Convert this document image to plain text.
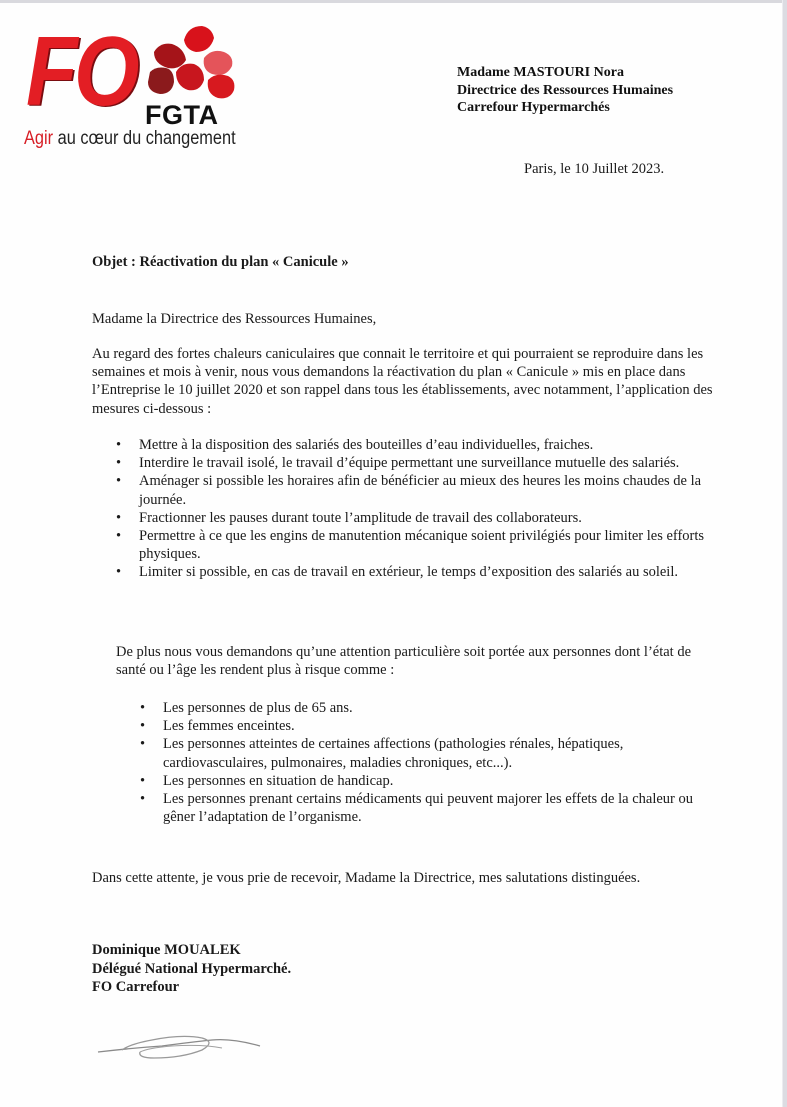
FO FGTA
Agir au cœur du changement
Madame MASTOURI Nora
Directrice des Ressources Humaines
Carrefour Hypermarchés
Paris, le 10 Juillet 2023.
Objet : Réactivation du plan « Canicule »
Madame la Directrice des Ressources Humaines,
Au regard des fortes chaleurs caniculaires que connait le territoire et qui pourraient se reproduire dans les semaines et mois à venir, nous vous demandons la réactivation du plan « Canicule » mis en place dans l’Entreprise le 10 juillet 2020 et son rappel dans tous les établissements, avec notamment, l’application des mesures ci-dessous :
• Mettre à la disposition des salariés des bouteilles d’eau individuelles, fraiches.
• Interdire le travail isolé, le travail d’équipe permettant une surveillance mutuelle des salariés.
• Aménager si possible les horaires afin de bénéficier au mieux des heures les moins chaudes de la journée.
• Fractionner les pauses durant toute l’amplitude de travail des collaborateurs.
• Permettre à ce que les engins de manutention mécanique soient privilégiés pour limiter les efforts physiques.
• Limiter si possible, en cas de travail en extérieur, le temps d’exposition des salariés au soleil.
De plus nous vous demandons qu’une attention particulière soit portée aux personnes dont l’état de santé ou l’âge les rendent plus à risque comme :
• Les personnes de plus de 65 ans.
• Les femmes enceintes.
• Les personnes atteintes de certaines affections (pathologies rénales, hépatiques, cardiovasculaires, pulmonaires, maladies chroniques, etc...).
• Les personnes en situation de handicap.
• Les personnes prenant certains médicaments qui peuvent majorer les effets de la chaleur ou gêner l’adaptation de l’organisme.
Dans cette attente, je vous prie de recevoir, Madame la Directrice, mes salutations distinguées.
Dominique MOUALEK
Délégué National Hypermarché.
FO Carrefour
